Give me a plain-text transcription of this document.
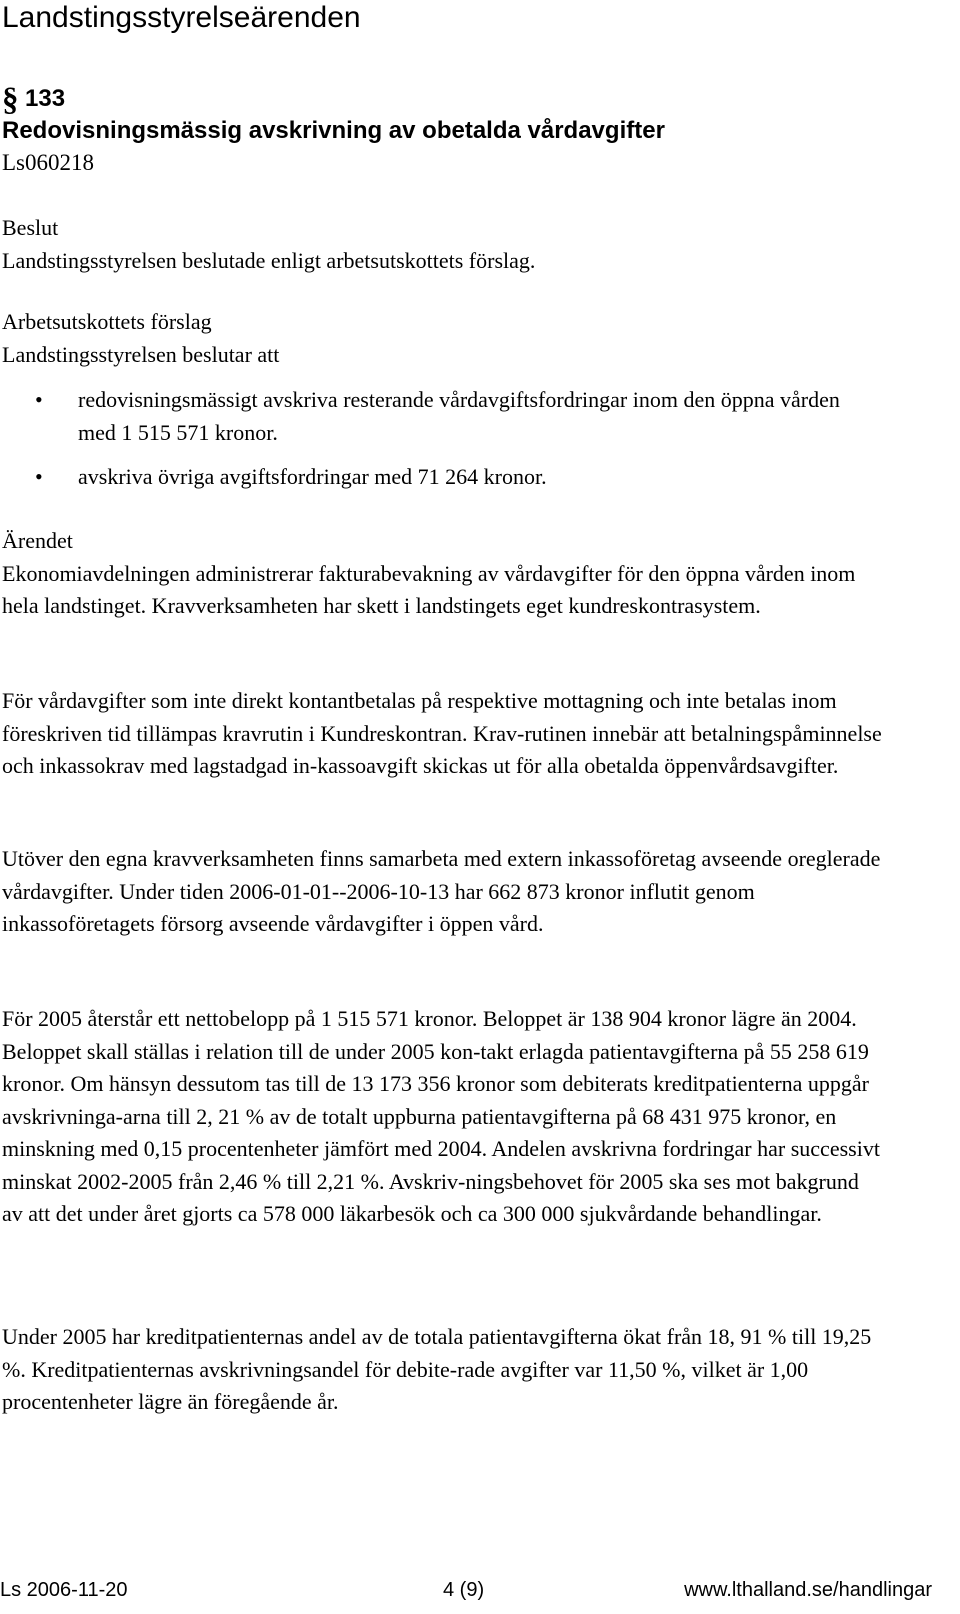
Landstingsstyrelseärenden
§ 133
Redovisningsmässig avskrivning av obetalda vårdavgifter
Ls060218
Beslut
Landstingsstyrelsen beslutade enligt arbetsutskottets förslag.
Arbetsutskottets förslag
Landstingsstyrelsen beslutar att
• redovisningsmässigt avskriva resterande vårdavgiftsfordringar inom den öppna vården med 1 515 571 kronor.
• avskriva övriga avgiftsfordringar med 71 264 kronor.
Ärendet
Ekonomiavdelningen administrerar fakturabevakning av vårdavgifter för den öppna vården inom hela landstinget. Kravverksamheten har skett i landstingets eget kundreskontrasystem.

För vårdavgifter som inte direkt kontantbetalas på respektive mottagning och inte betalas inom föreskriven tid tillämpas kravrutin i Kundreskontran. Krav-rutinen innebär att betalningspåminnelse och inkassokrav med lagstadgad in-kassoavgift skickas ut för alla obetalda öppenvårdsavgifter.

Utöver den egna kravverksamheten finns samarbeta med extern inkassoföretag avseende oreglerade vårdavgifter. Under tiden 2006-01-01--2006-10-13 har 662 873 kronor influtit genom inkassoföretagets försorg avseende vårdavgifter i öppen vård.

För 2005 återstår ett nettobelopp på 1 515 571 kronor. Beloppet är 138 904 kronor lägre än 2004. Beloppet skall ställas i relation till de under 2005 kon-takt erlagda patientavgifterna på 55 258 619 kronor. Om hänsyn dessutom tas till de 13 173 356 kronor som debiterats kreditpatienterna uppgår avskrivninga-arna till 2, 21 % av de totalt uppburna patientavgifterna på 68 431 975 kronor, en minskning med 0,15 procentenheter jämfört med 2004. Andelen avskrivna fordringar har successivt minskat 2002-2005 från 2,46 % till 2,21 %. Avskriv-ningsbehovet för 2005 ska ses mot bakgrund av att det under året gjorts ca 578 000 läkarbesök och ca 300 000 sjukvårdande behandlingar.

Under 2005 har kreditpatienternas andel av de totala patientavgifterna ökat från 18, 91 % till 19,25 %. Kreditpatienternas avskrivningsandel för debite-rade avgifter var 11,50 %, vilket är 1,00 procentenheter lägre än föregående år.

Ls 2006-11-20	4 (9)	www.lthalland.se/handlingar
